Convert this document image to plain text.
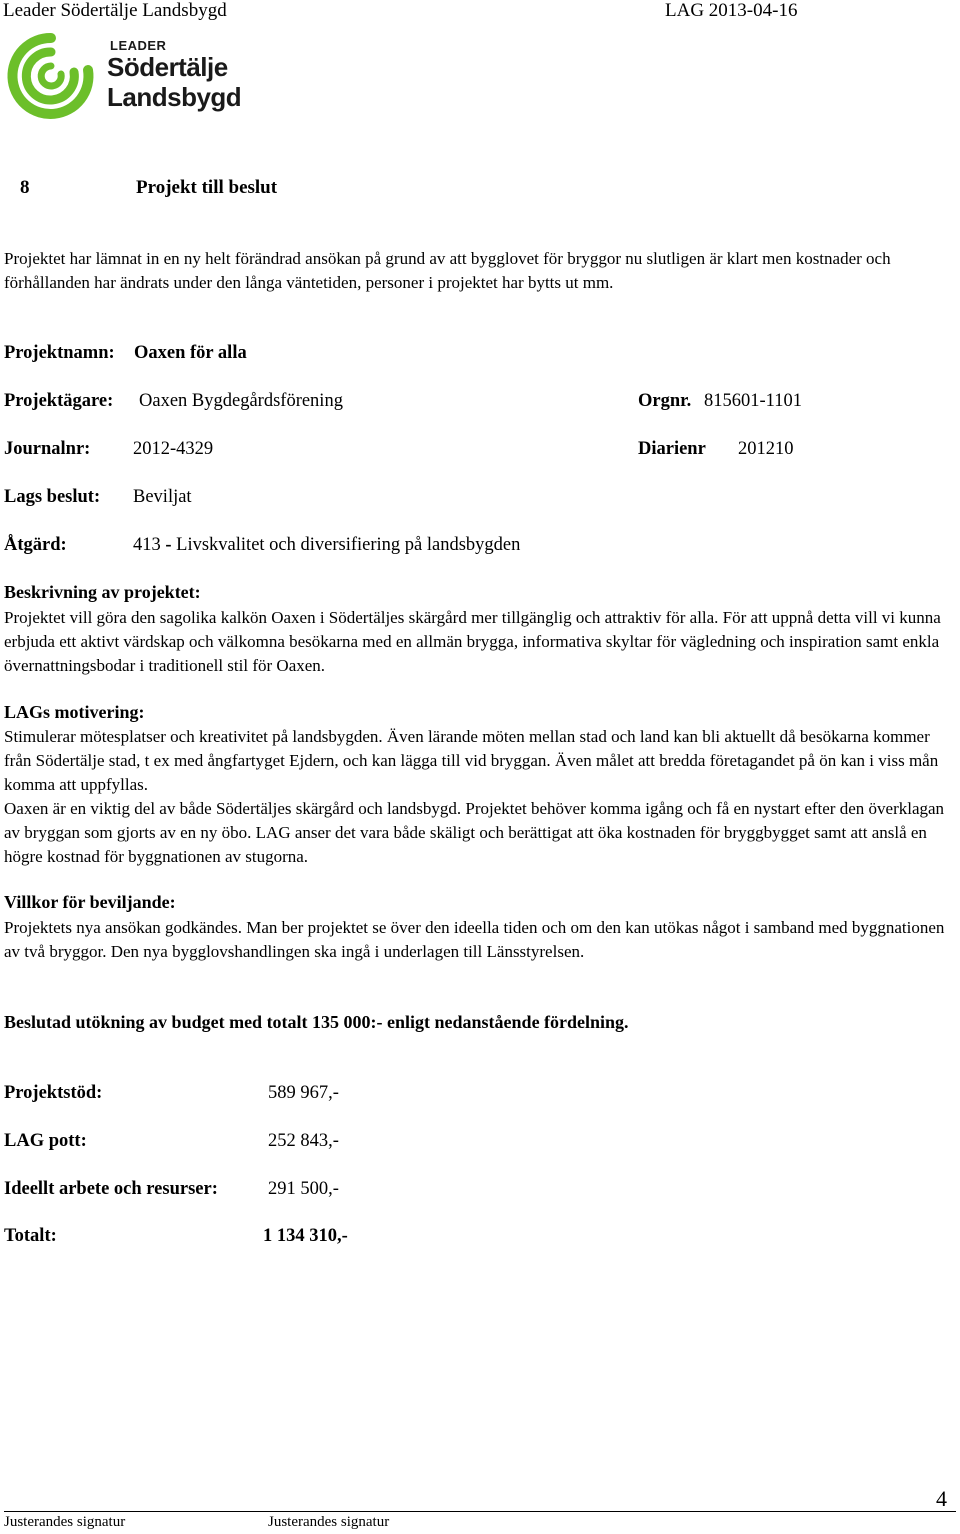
Leader Södertälje Landsbygd	LAG 2013-04-16
LEADER
Södertälje
Landsbygd
8	Projekt till beslut
Projektet har lämnat in en ny helt förändrad ansökan på grund av att bygglovet för bryggor nu slutligen är klart men kostnader och förhållanden har ändrats under den långa väntetiden, personer i projektet har bytts ut mm.
Projektnamn: Oaxen för alla
Projektägare: Oaxen Bygdegårdsförening	Orgnr. 815601-1101
Journalnr: 2012-4329	Diarienr 201210
Lags beslut: Beviljat
Åtgärd:	413 - Livskvalitet och diversifiering på landsbygden
Beskrivning av projektet:
Projektet vill göra den sagolika kalkön Oaxen i Södertäljes skärgård mer tillgänglig och attraktiv för alla. För att uppnå detta vill vi kunna erbjuda ett aktivt värdskap och välkomna besökarna med en allmän brygga, informativa skyltar för vägledning och inspiration samt enkla övernattningsbodar i traditionell stil för Oaxen.
LAGs motivering:
Stimulerar mötesplatser och kreativitet på landsbygden. Även lärande möten mellan stad och land kan bli aktuellt då besökarna kommer från Södertälje stad, t ex med ångfartyget Ejdern, och kan lägga till vid bryggan. Även målet att bredda företagandet på ön kan i viss mån komma att uppfyllas.
Oaxen är en viktig del av både Södertäljes skärgård och landsbygd. Projektet behöver komma igång och få en nystart efter den överklagan av bryggan som gjorts av en ny öbo. LAG anser det vara både skäligt och berättigat att öka kostnaden för bryggbygget samt att anslå en högre kostnad för byggnationen av stugorna.
Villkor för beviljande:
Projektets nya ansökan godkändes. Man ber projektet se över den ideella tiden och om den kan utökas något i samband med byggnationen av två bryggor. Den nya bygglovshandlingen ska ingå i underlagen till Länsstyrelsen.
Beslutad utökning av budget med totalt 135 000:- enligt nedanstående fördelning.
Projektstöd:	589 967,-
LAG pott:	252 843,-
Ideellt arbete och resurser:	291 500,-
Totalt:	1 134 310,-
4
Justerandes signatur	Justerandes signatur
